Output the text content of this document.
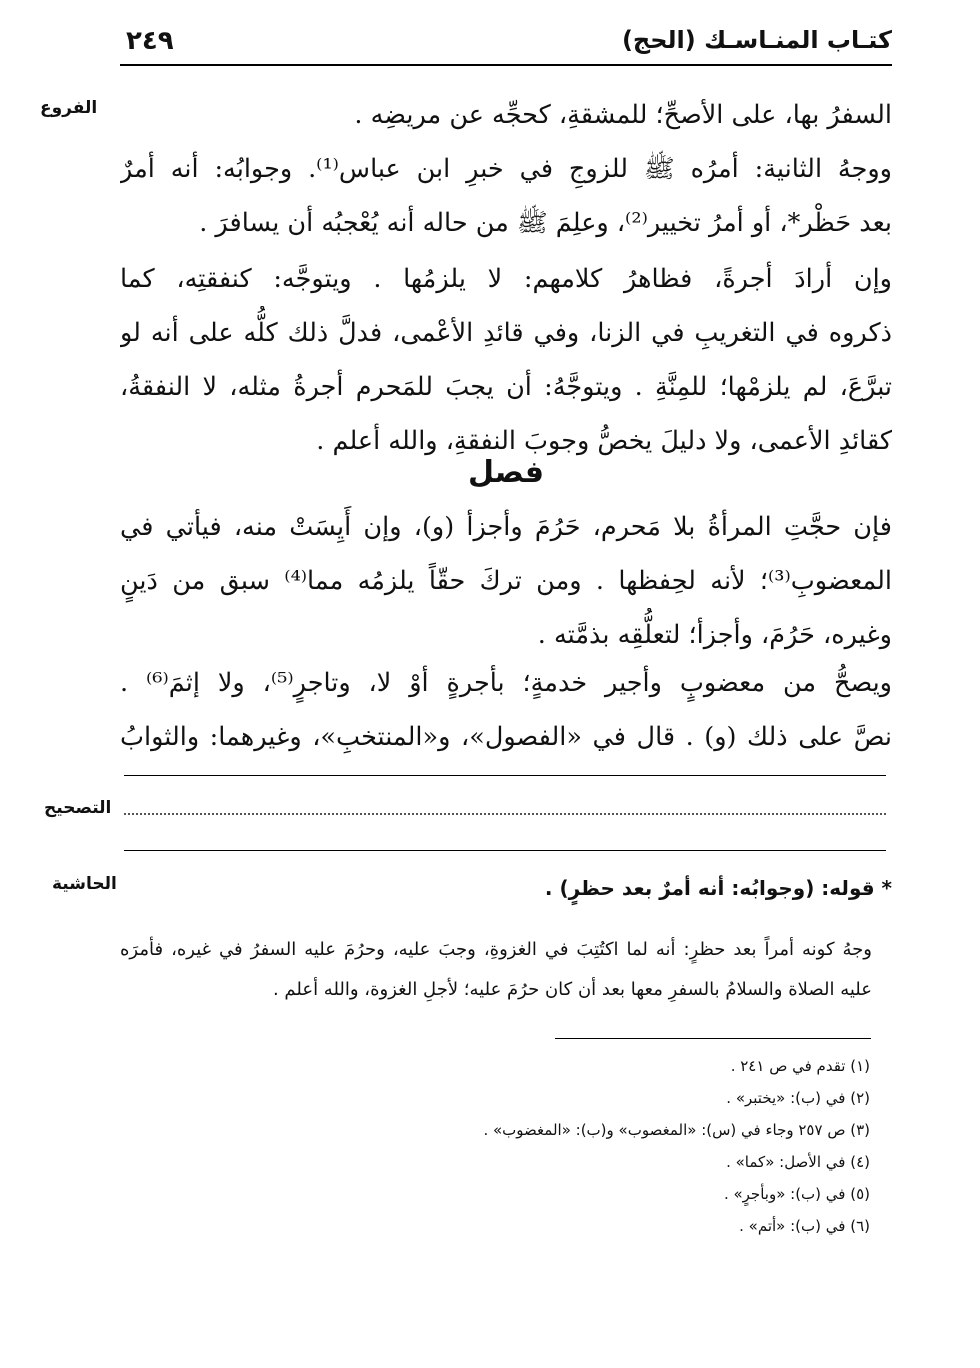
٢٤٩	كتـاب المنـاسـك (الحج)
الفروع
التصحيح
الحاشية
السفرُ بها، على الأصحِّ؛ للمشقةِ، كحجِّه عن مريضِه .
ووجهُ الثانية: أمرُه ﷺ للزوجِ في خبرِ ابن عباس⁽¹⁾. وجوابُه: أنه أمرٌ
بعد حَظْر*، أو أمرُ تخيير⁽²⁾، وعلِمَ ﷺ من حاله أنه يُعْجبُه أن يسافرَ .
وإن أرادَ أجرةً، فظاهرُ كلامهم: لا يلزمُها . ويتوجَّه: كنفقتِه، كما
ذكروه في التغريبِ في الزنا، وفي قائدِ الأعْمى، فدلَّ ذلك كلُّه على أنه لو
تبرَّعَ، لم يلزمْها؛ للمِنَّةِ . ويتوجَّهُ: أن يجبَ للمَحرم أجرةُ مثله، لا النفقةُ،
كقائدِ الأعمى، ولا دليلَ يخصُّ وجوبَ النفقةِ، والله أعلم .
فصل
فإن حجَّتِ المرأةُ بلا مَحرم، حَرُمَ وأجزأ (و)، وإن أَيِسَتْ منه، فيأتي في
المعضوبِ⁽³⁾؛ لأنه لحِفظها . ومن تركَ حقّاً يلزمُه مما⁽⁴⁾ سبق من دَينٍ
وغيره، حَرُمَ، وأجزأ؛ لتعلُّقِه بذمَّته .
ويصحُّ من معضوبٍ وأجير خدمةٍ؛ بأجرةٍ أوْ لا، وتاجرٍ⁽⁵⁾، ولا إثمَ⁽⁶⁾ .
نصَّ على ذلك (و) . قال في «الفصول»، و«المنتخبِ»، وغيرهما: والثوابُ
* قوله: (وجوابُه: أنه أمرٌ بعد حظرٍ) .
وجهُ كونه أمراً بعد حظرٍ: أنه لما اكتُتِبَ في الغزوةِ، وجبَ عليه، وحرُمَ عليه السفرُ في غيره، فأمرَه
عليه الصلاة والسلامُ بالسفرِ معها بعد أن كان حرُمَ عليه؛ لأجلِ الغزوة، والله أعلم .
(١) تقدم في ص ٢٤١ .
(٢) في (ب): «يختبر» .
(٣) ص ٢٥٧ وجاء في (س): «المغصوب» و(ب): «المغضوب» .
(٤) في الأصل: «كما» .
(٥) في (ب): «وبأجرٍ» .
(٦) في (ب): «أتم» .
